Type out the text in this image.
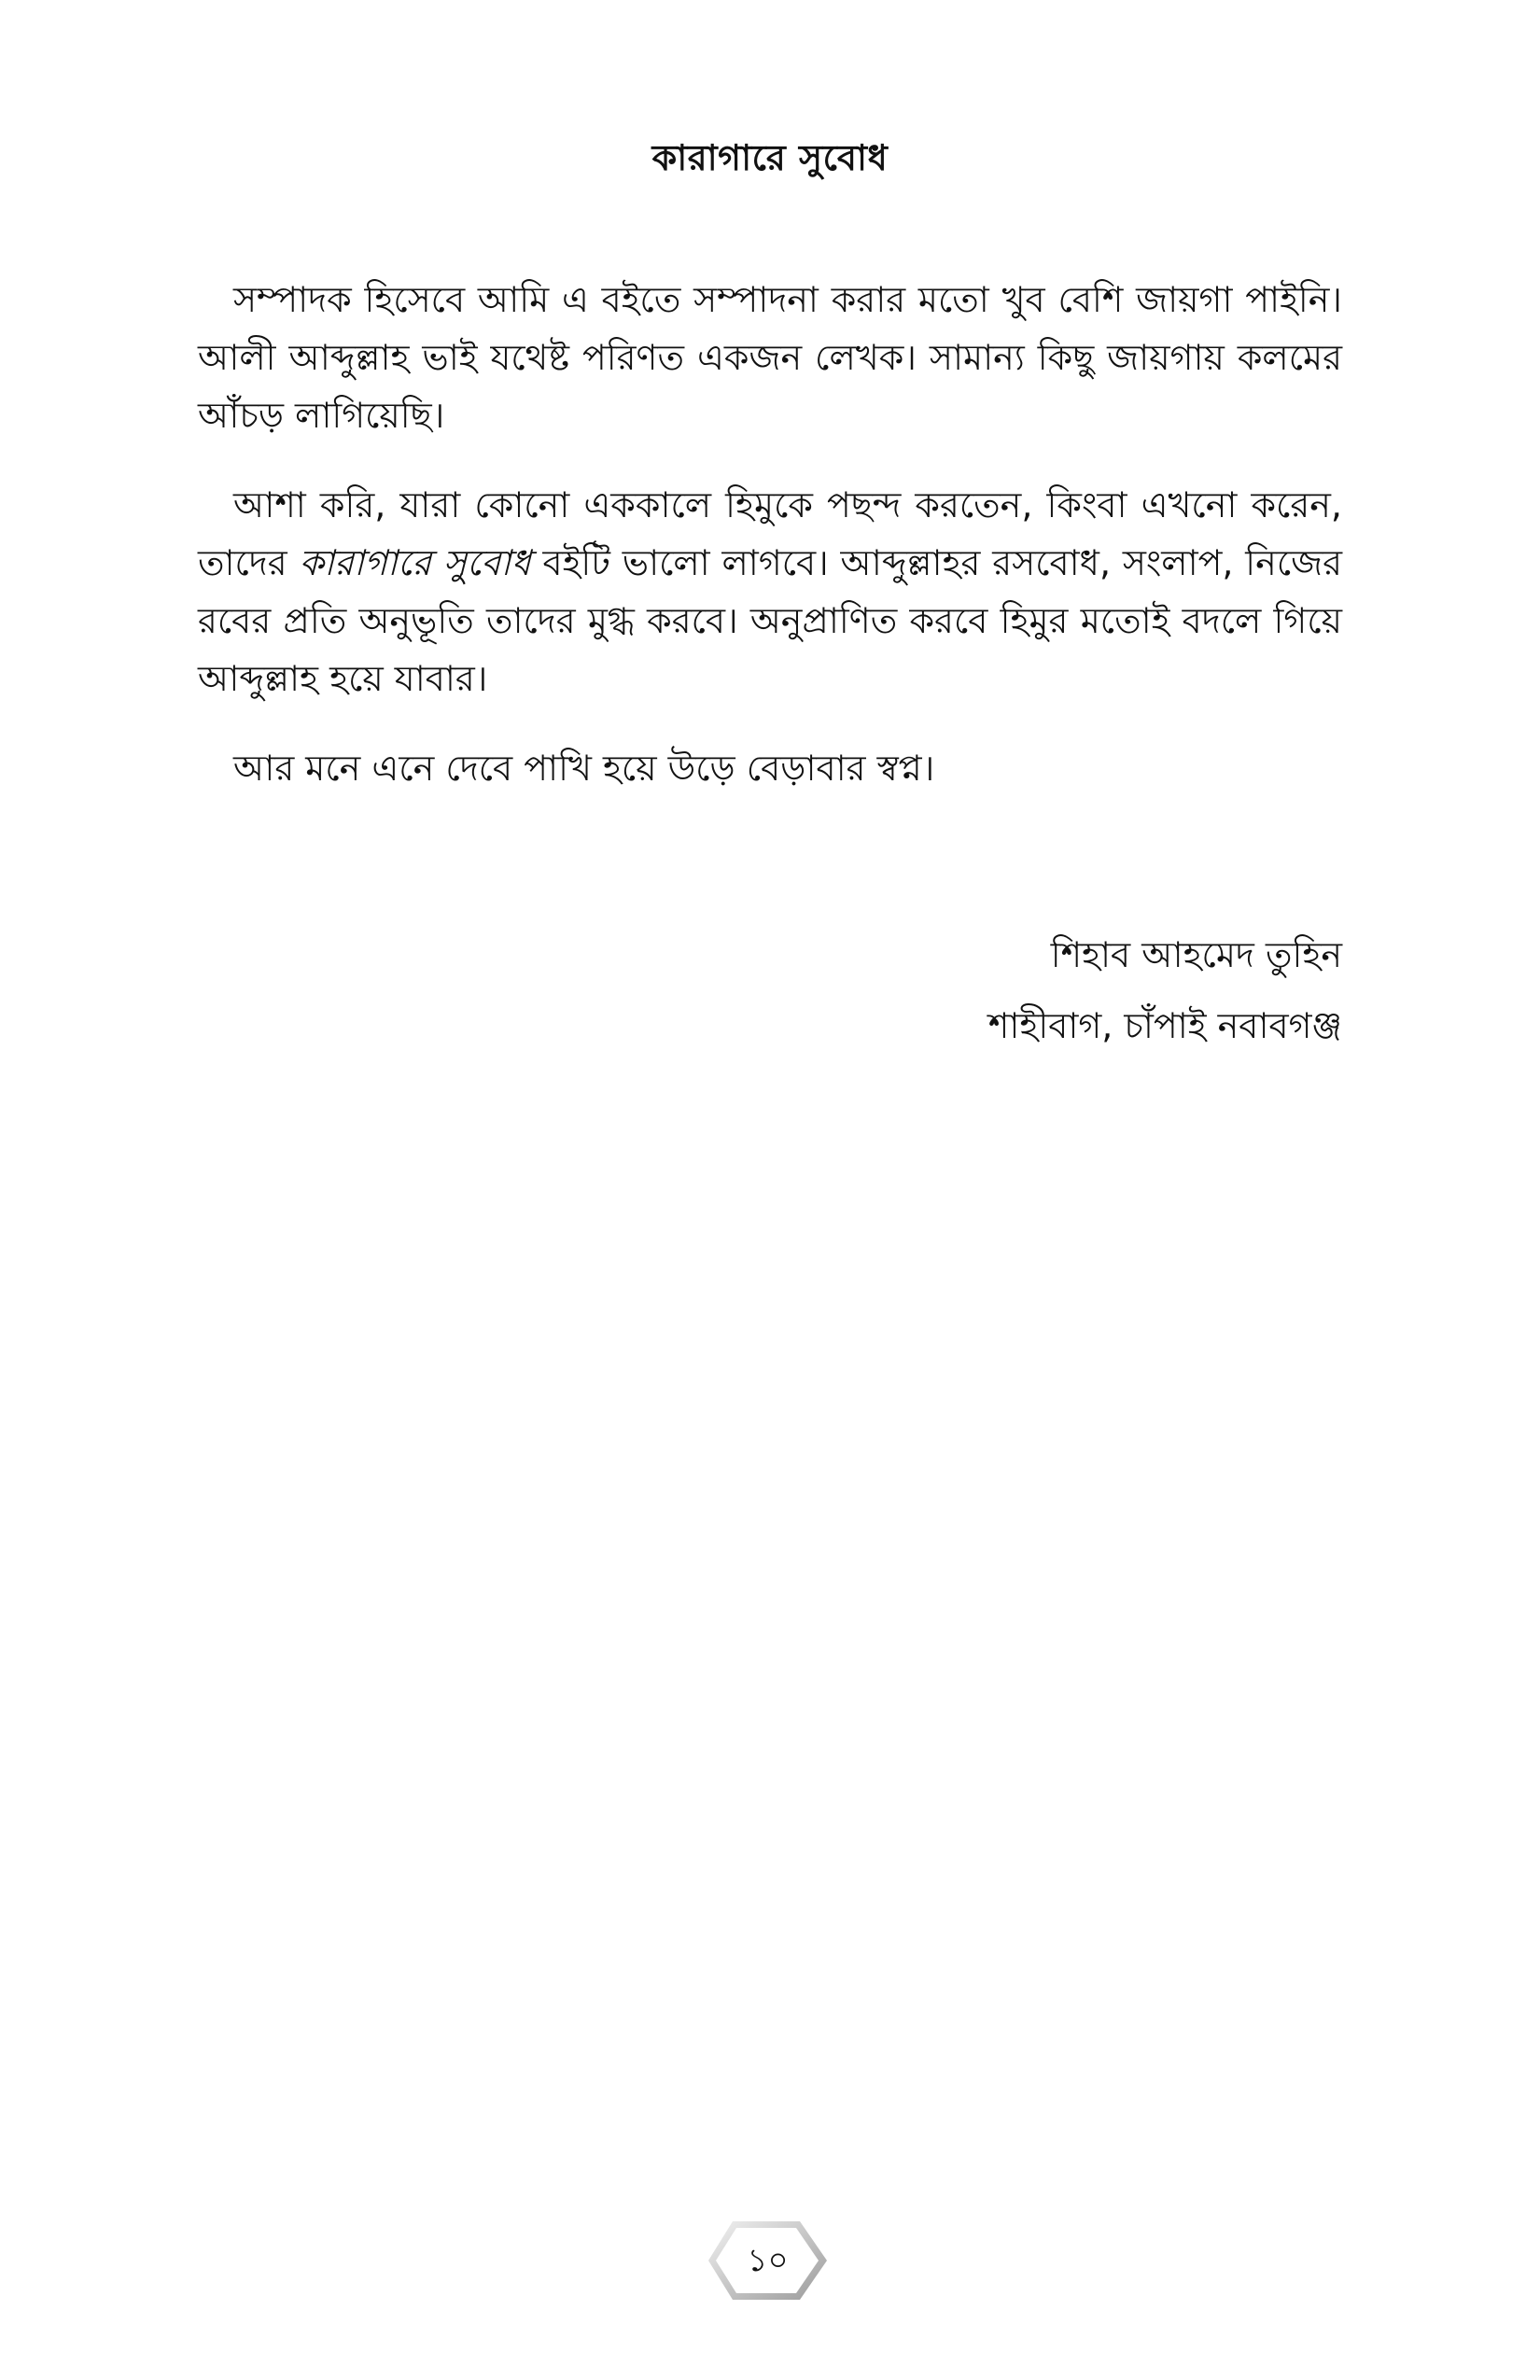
কারাগারে সুবোধ

সম্পাদক হিসেবে আমি এ বইতে সম্পাদনা করার মতো খুব বেশি জায়গা পাইনি। আলী আব্দুল্লাহ ভাই যথেষ্ট পরিণত একজন লেখক। সামান্য কিছু জায়গায় কলমের আঁচড় লাগিয়েছি।

আশা করি, যারা কোনো এককালে হিমুকে পছন্দ করতেন, কিংবা এখনো করেন, তাদের কারাগারে সুবোধ বইটি ভালো লাগবে। আব্দুল্লাহর রসবোধ, সংলাপ, নিজের রবের প্রতি অনুভূতি তাদের মুগ্ধ করবে। অনুপ্রাণিত করবে হিমুর মতোই বদলে গিয়ে আব্দুল্লাহ হয়ে যাবার।

আর মনে এনে দেবে পাখি হয়ে উড়ে বেড়াবার স্বপ্ন।

শিহাব আহমেদ তুহিন
শাহীবাগ, চাঁপাই নবাবগঞ্জ
১০
